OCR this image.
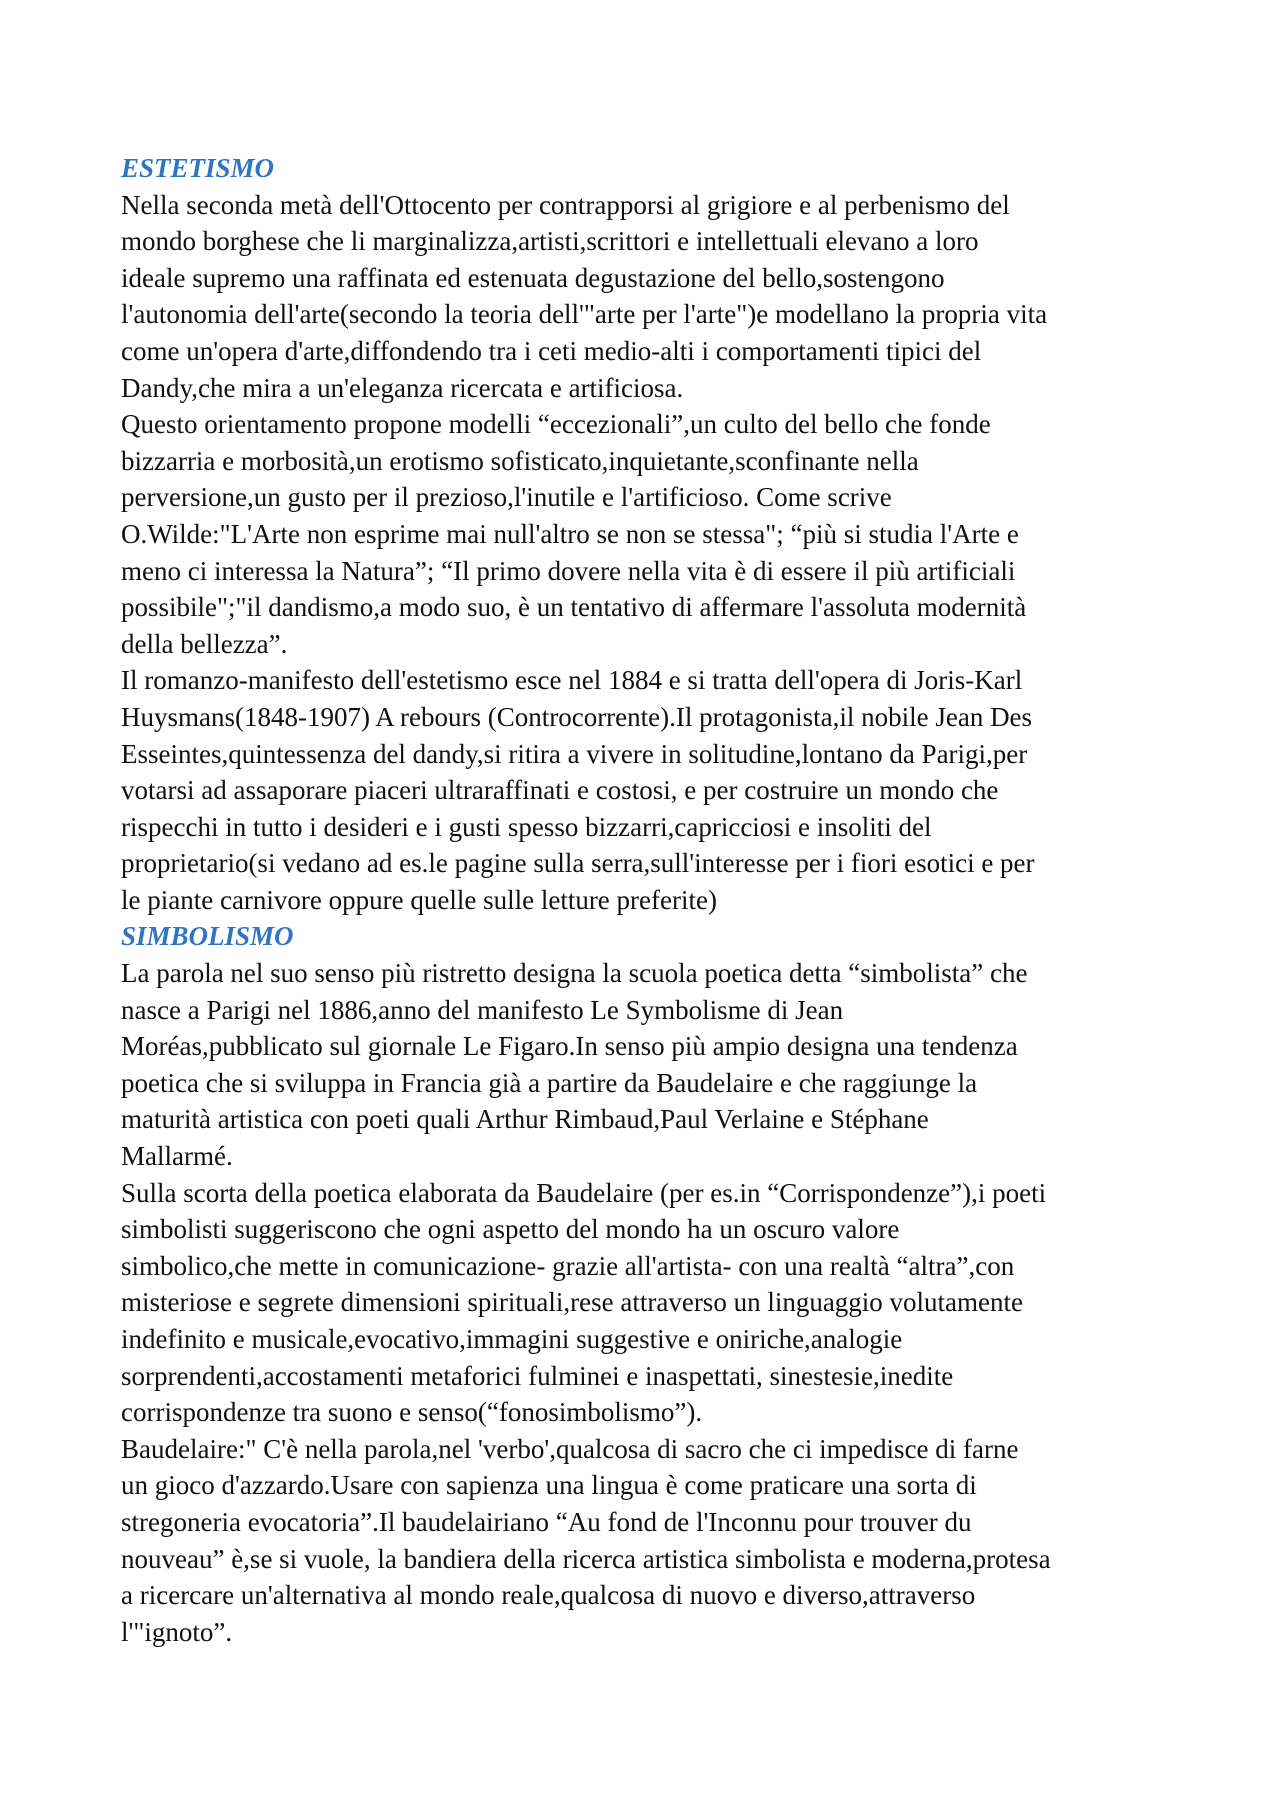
ESTETISMO
Nella seconda metà dell'Ottocento per contrapporsi al grigiore e al perbenismo del
mondo borghese che li marginalizza,artisti,scrittori e intellettuali elevano a loro
ideale supremo una raffinata ed estenuata degustazione del bello,sostengono
l'autonomia dell'arte(secondo la teoria dell'"arte per l'arte")e modellano la propria vita
come un'opera d'arte,diffondendo tra i ceti medio-alti i comportamenti tipici del
Dandy,che mira a un'eleganza ricercata e artificiosa.
Questo orientamento propone modelli “eccezionali”,un culto del bello che fonde
bizzarria e morbosità,un erotismo sofisticato,inquietante,sconfinante nella
perversione,un gusto per il prezioso,l'inutile e l'artificioso. Come scrive
O.Wilde:"L'Arte non esprime mai null'altro se non se stessa"; “più si studia l'Arte e
meno ci interessa la Natura”; “Il primo dovere nella vita è di essere il più artificiali
possibile";"il dandismo,a modo suo, è un tentativo di affermare l'assoluta modernità
della bellezza”.
Il romanzo-manifesto dell'estetismo esce nel 1884 e si tratta dell'opera di Joris-Karl
Huysmans(1848-1907) A rebours (Controcorrente).Il protagonista,il nobile Jean Des
Esseintes,quintessenza del dandy,si ritira a vivere in solitudine,lontano da Parigi,per
votarsi ad assaporare piaceri ultraraffinati e costosi, e per costruire un mondo che
rispecchi in tutto i desideri e i gusti spesso bizzarri,capricciosi e insoliti del
proprietario(si vedano ad es.le pagine sulla serra,sull'interesse per i fiori esotici e per
le piante carnivore oppure quelle sulle letture preferite)
SIMBOLISMO
La parola nel suo senso più ristretto designa la scuola poetica detta “simbolista” che
nasce a Parigi nel 1886,anno del manifesto Le Symbolisme di Jean
Moréas,pubblicato sul giornale Le Figaro.In senso più ampio designa una tendenza
poetica che si sviluppa in Francia già a partire da Baudelaire e che raggiunge la
maturità artistica con poeti quali Arthur Rimbaud,Paul Verlaine e Stéphane
Mallarmé.
Sulla scorta della poetica elaborata da Baudelaire (per es.in “Corrispondenze”),i poeti
simbolisti suggeriscono che ogni aspetto del mondo ha un oscuro valore
simbolico,che mette in comunicazione- grazie all'artista- con una realtà “altra”,con
misteriose e segrete dimensioni spirituali,rese attraverso un linguaggio volutamente
indefinito e musicale,evocativo,immagini suggestive e oniriche,analogie
sorprendenti,accostamenti metaforici fulminei e inaspettati, sinestesie,inedite
corrispondenze tra suono e senso(“fonosimbolismo”).
Baudelaire:" C'è nella parola,nel 'verbo',qualcosa di sacro che ci impedisce di farne
un gioco d'azzardo.Usare con sapienza una lingua è come praticare una sorta di
stregoneria evocatoria”.Il baudelairiano “Au fond de l'Inconnu pour trouver du
nouveau” è,se si vuole, la bandiera della ricerca artistica simbolista e moderna,protesa
a ricercare un'alternativa al mondo reale,qualcosa di nuovo e diverso,attraverso
l'"ignoto”.
